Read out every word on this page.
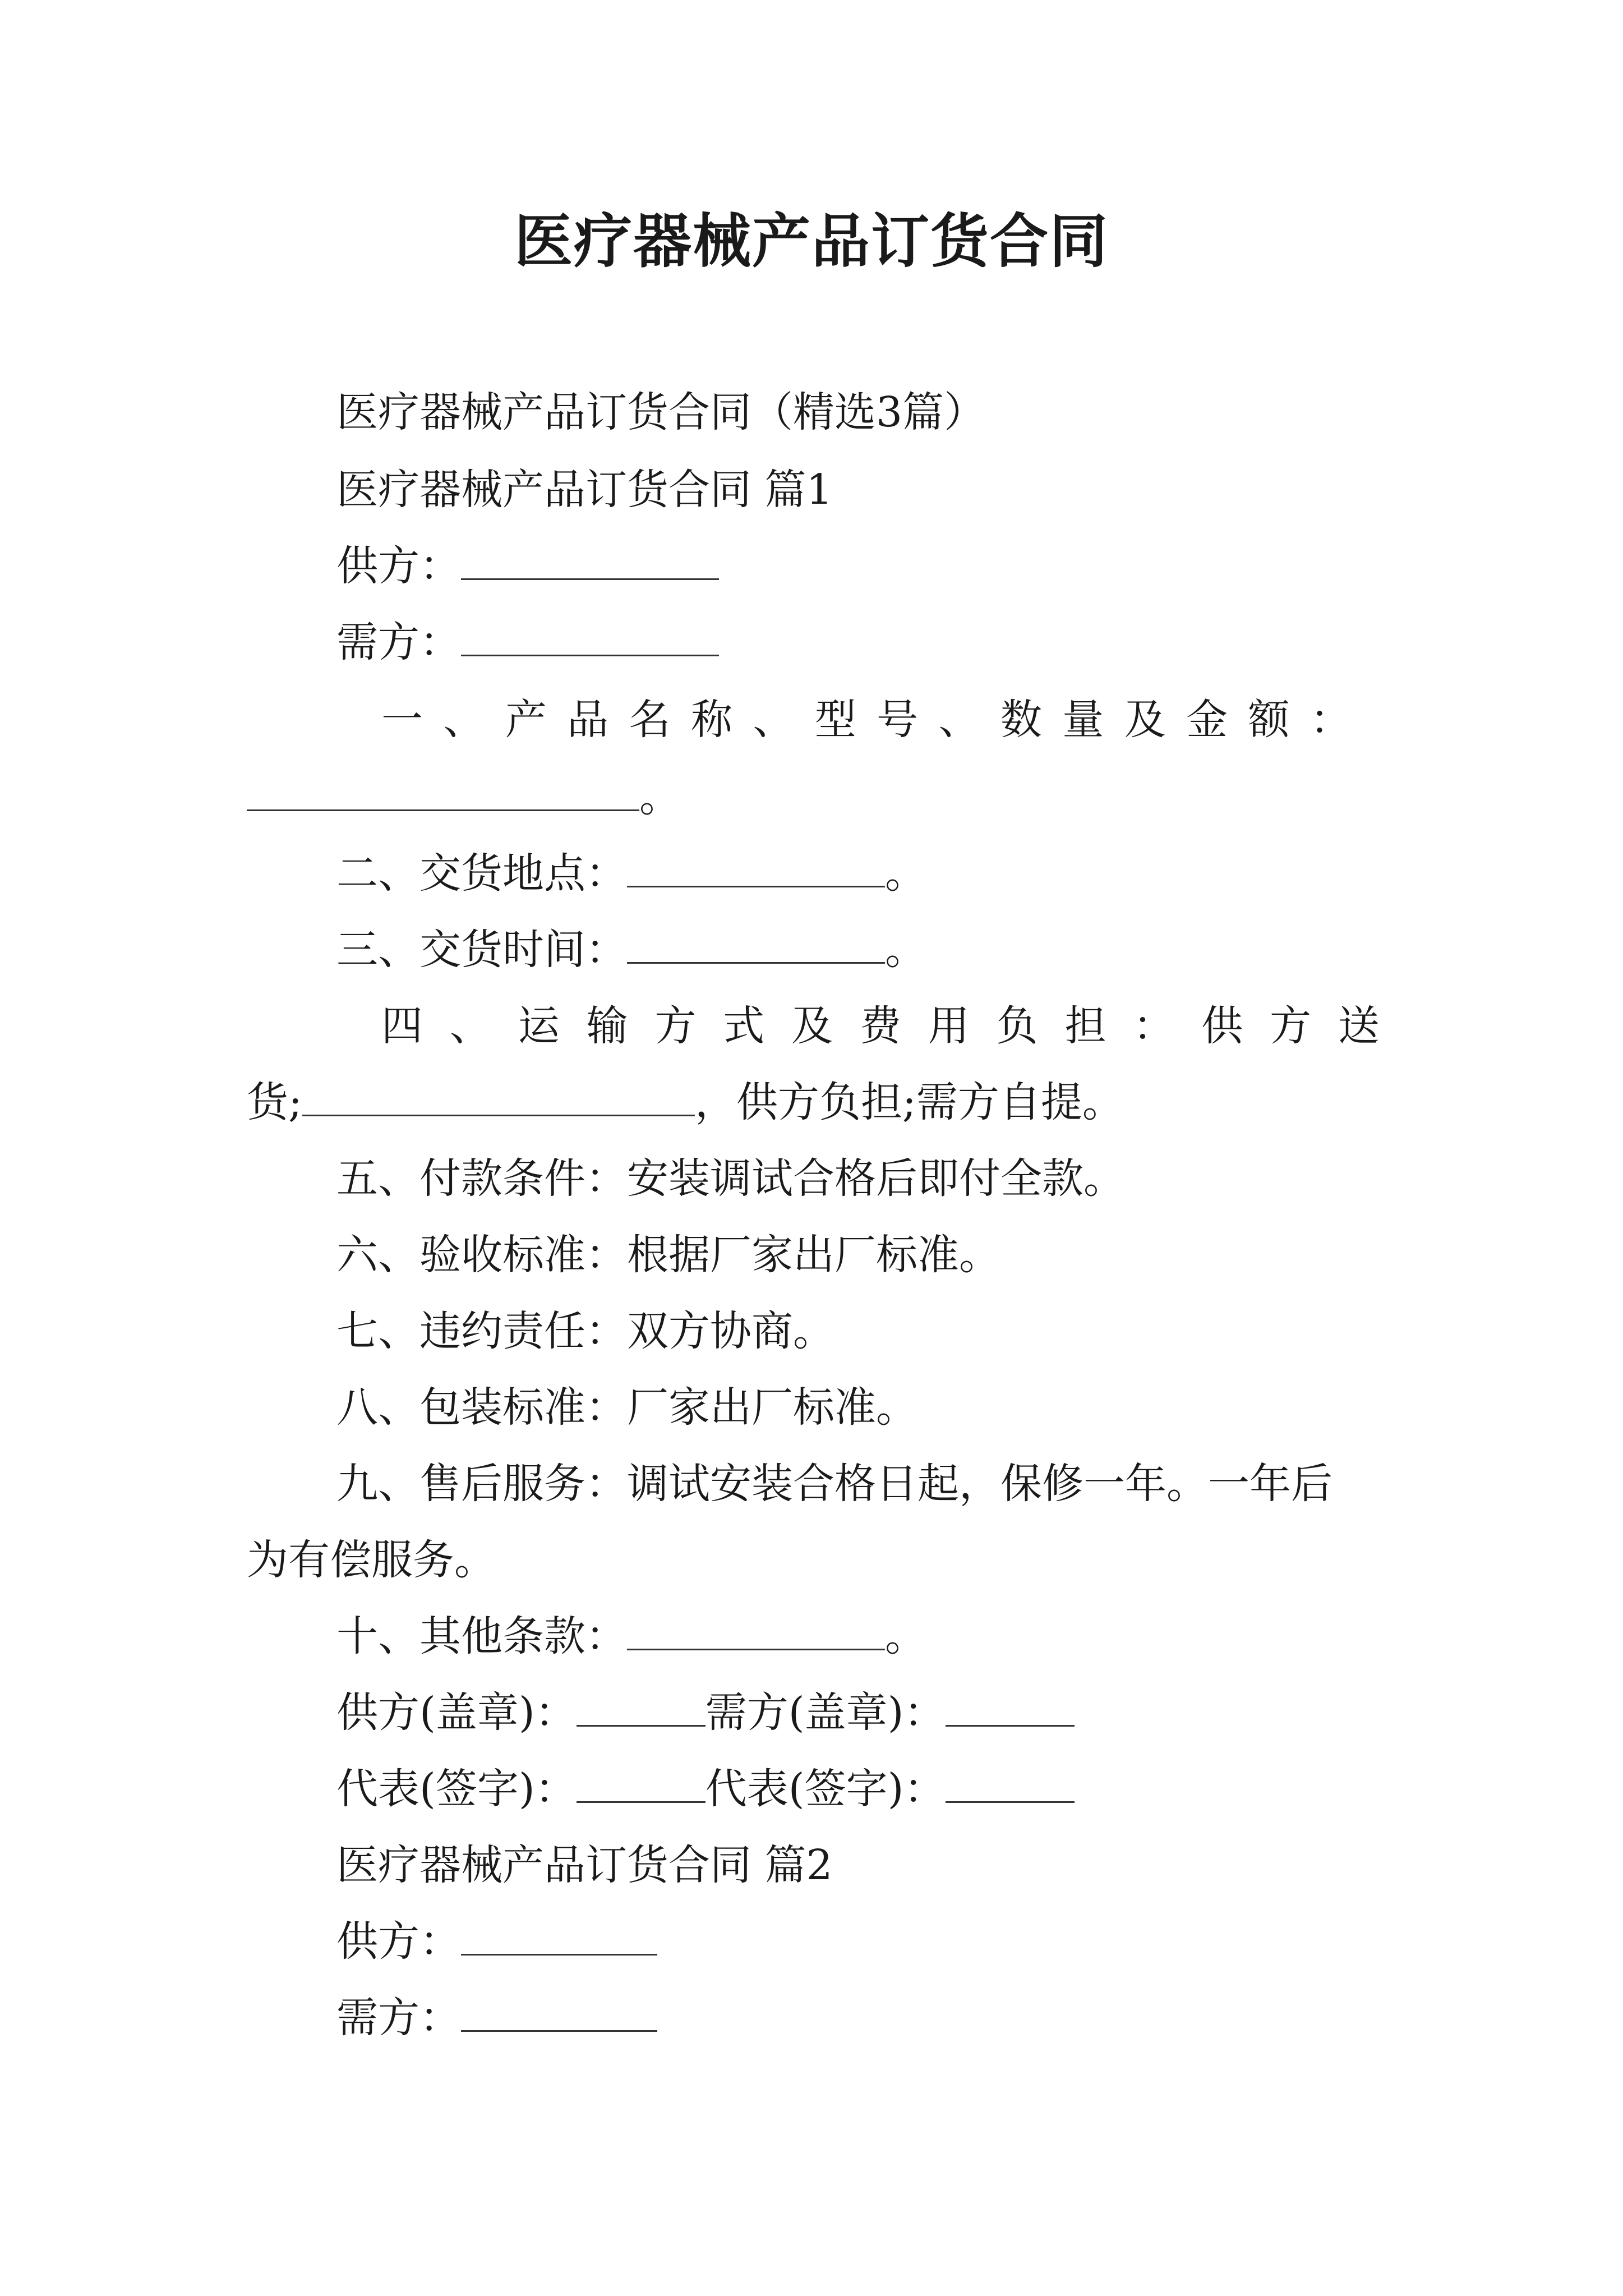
医疗器械产品订货合同
医疗器械产品订货合同（精选3篇）
医疗器械产品订货合同 篇1
供方：
需方：
一 、 产 品 名 称 、 型 号 、 数 量 及 金 额 ：
。
二、交货地点：	。
三、交货时间：	。
四 、 运 输 方 式 及 费 用 负 担 ： 供 方 送
货;	，供方负担;需方自提。
五、付款条件：安装调试合格后即付全款。
六、验收标准：根据厂家出厂标准。
七、违约责任：双方协商。
八、包装标准：厂家出厂标准。
九、售后服务：调试安装合格日起，保修一年。一年后
为有偿服务。
十、其他条款：	。
供方(盖章)：	需方(盖章)：
代表(签字)：	代表(签字)：
医疗器械产品订货合同 篇2
供方：
需方：
